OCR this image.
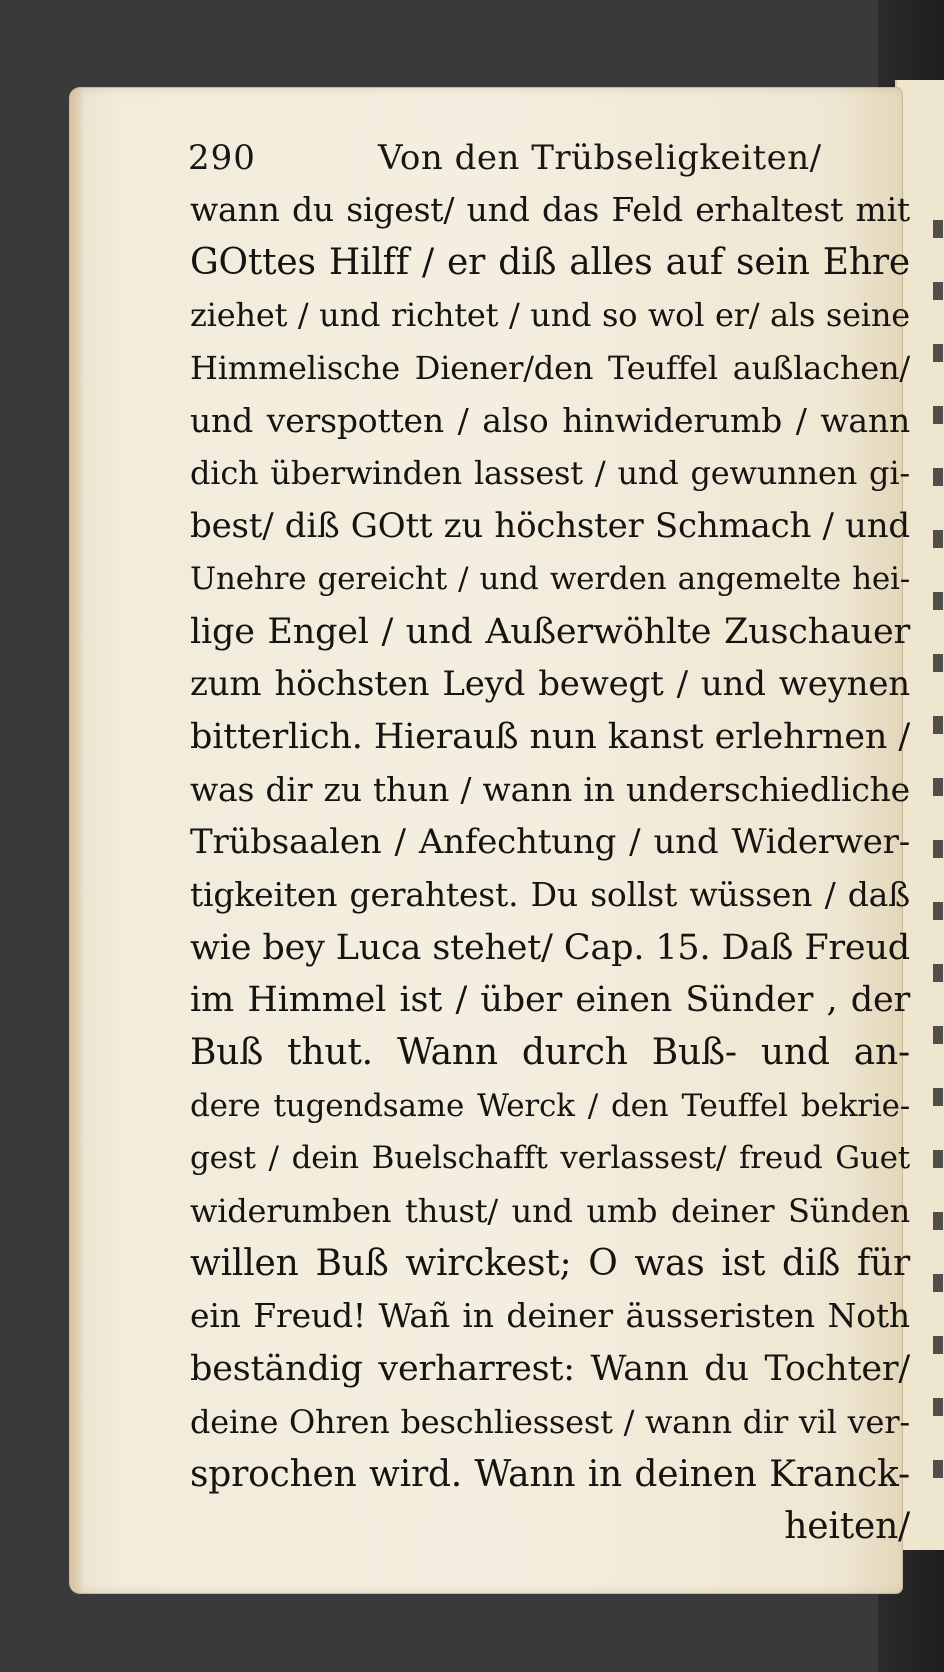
290	Von den Trübseligkeiten/
wann du sigest/ und das Feld erhaltest mit
GOttes Hilff / er diß alles auf sein Ehre
ziehet / und richtet / und so wol er/ als seine
Himmelische Diener/den Teuffel außlachen/
und verspotten / also hinwiderumb / wann
dich überwinden lassest / und gewunnen gi-
best/ diß GOtt zu höchster Schmach / und
Unehre gereicht / und werden angemelte hei-
lige Engel / und Außerwöhlte Zuschauer
zum höchsten Leyd bewegt / und weynen
bitterlich. Hierauß nun kanst erlehrnen /
was dir zu thun / wann in underschiedliche
Trübsaalen / Anfechtung / und Widerwer-
tigkeiten gerahtest. Du sollst wüssen / daß
wie bey Luca stehet/ Cap. 15. Daß Freud
im Himmel ist / über einen Sünder , der
Buß thut. Wann durch Buß- und an-
dere tugendsame Werck / den Teuffel bekrie-
gest / dein Buelschafft verlassest/ freud Guet
widerumben thust/ und umb deiner Sünden
willen Buß wirckest; O was ist diß für
ein Freud! Wañ in deiner äusseristen Noth
beständig verharrest: Wann du Tochter/
deine Ohren beschliessest / wann dir vil ver-
sprochen wird. Wann in deinen Kranck-
heiten/
